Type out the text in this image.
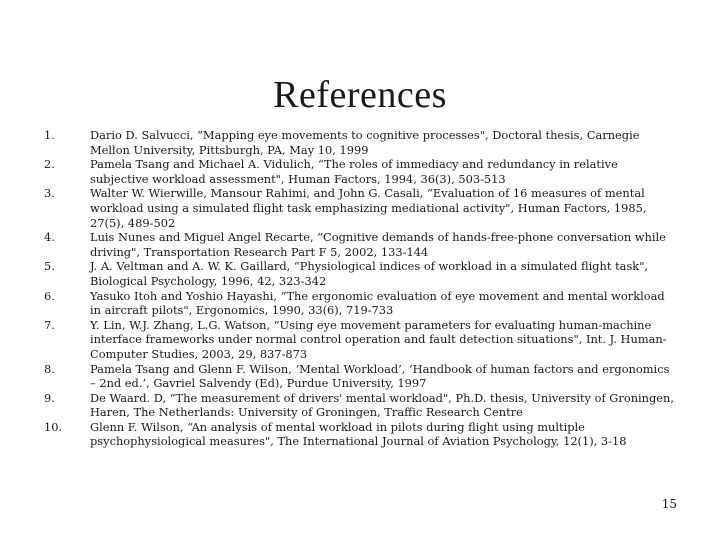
References
1.	Dario D. Salvucci, “Mapping eye movements to cognitive processes", Doctoral thesis, Carnegie Mellon University, Pittsburgh, PA, May 10, 1999
2.	Pamela Tsang and Michael A. Vidulich, “The roles of immediacy and redundancy in relative subjective workload assessment", Human Factors, 1994, 36(3), 503-513
3.	Walter W. Wierwille, Mansour Rahimi, and John G. Casali, “Evaluation of 16 measures of mental workload using a simulated flight task emphasizing mediational activity", Human Factors, 1985, 27(5), 489-502
4.	Luis Nunes and Miguel Angel Recarte, “Cognitive demands of hands-free-phone conversation while driving", Transportation Research Part F 5, 2002, 133-144
5.	J. A. Veltman and A. W. K. Gaillard, “Physiological indices of workload in a simulated flight task", Biological Psychology, 1996, 42, 323-342
6.	Yasuko Itoh and Yoshio Hayashi, “The ergonomic evaluation of eye movement and mental workload in aircraft pilots", Ergonomics, 1990, 33(6), 719-733
7.	Y. Lin, W.J. Zhang, L.G. Watson, “Using eye movement parameters for evaluating human-machine interface frameworks under normal control operation and fault detection situations", Int. J. Human-Computer Studies, 2003, 29, 837-873
8.	Pamela Tsang and Glenn F. Wilson, ‘Mental Workload’, ‘Handbook of human factors and ergonomics – 2nd ed.’, Gavriel Salvendy (Ed), Purdue University, 1997
9.	De Waard. D, “The measurement of drivers' mental workload", Ph.D. thesis, University of Groningen, Haren, The Netherlands: University of Groningen, Traffic Research Centre
10.	Glenn F. Wilson, “An analysis of mental workload in pilots during flight using multiple psychophysiological measures", The International Journal of Aviation Psychology, 12(1), 3-18
15
